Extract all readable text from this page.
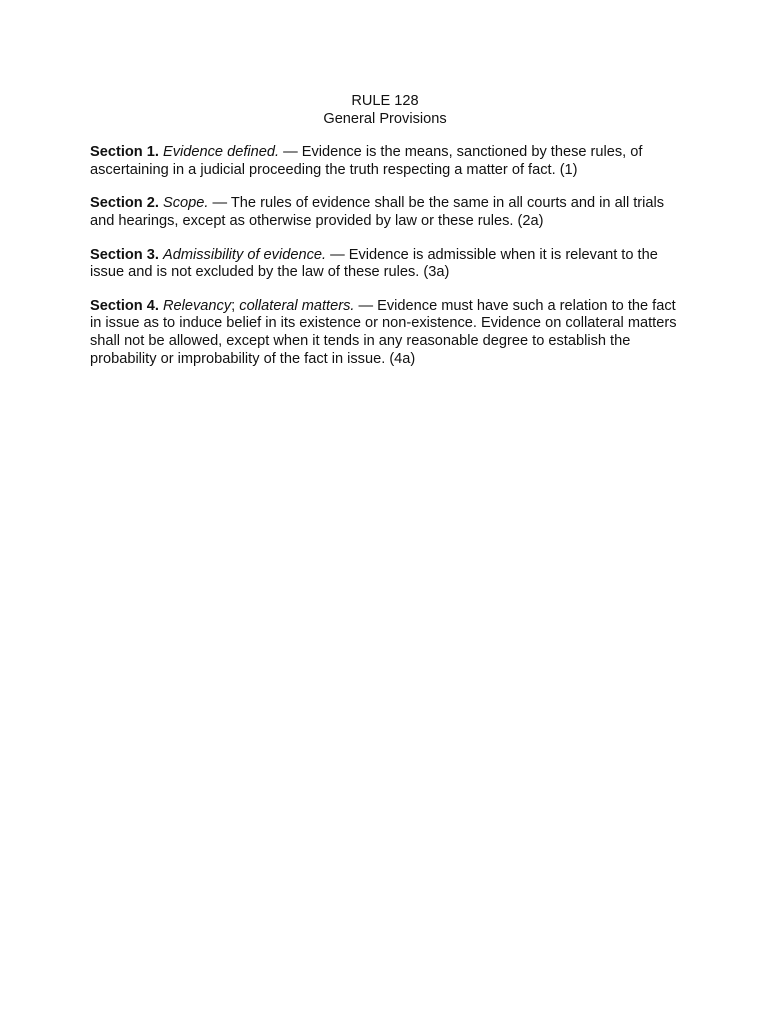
RULE 128
General Provisions

Section 1. Evidence defined. — Evidence is the means, sanctioned by these rules, of ascertaining in a judicial proceeding the truth respecting a matter of fact. (1)

Section 2. Scope. — The rules of evidence shall be the same in all courts and in all trials and hearings, except as otherwise provided by law or these rules. (2a)

Section 3. Admissibility of evidence. — Evidence is admissible when it is relevant to the issue and is not excluded by the law of these rules. (3a)

Section 4. Relevancy; collateral matters. — Evidence must have such a relation to the fact in issue as to induce belief in its existence or non-existence. Evidence on collateral matters shall not be allowed, except when it tends in any reasonable degree to establish the probability or improbability of the fact in issue. (4a)
